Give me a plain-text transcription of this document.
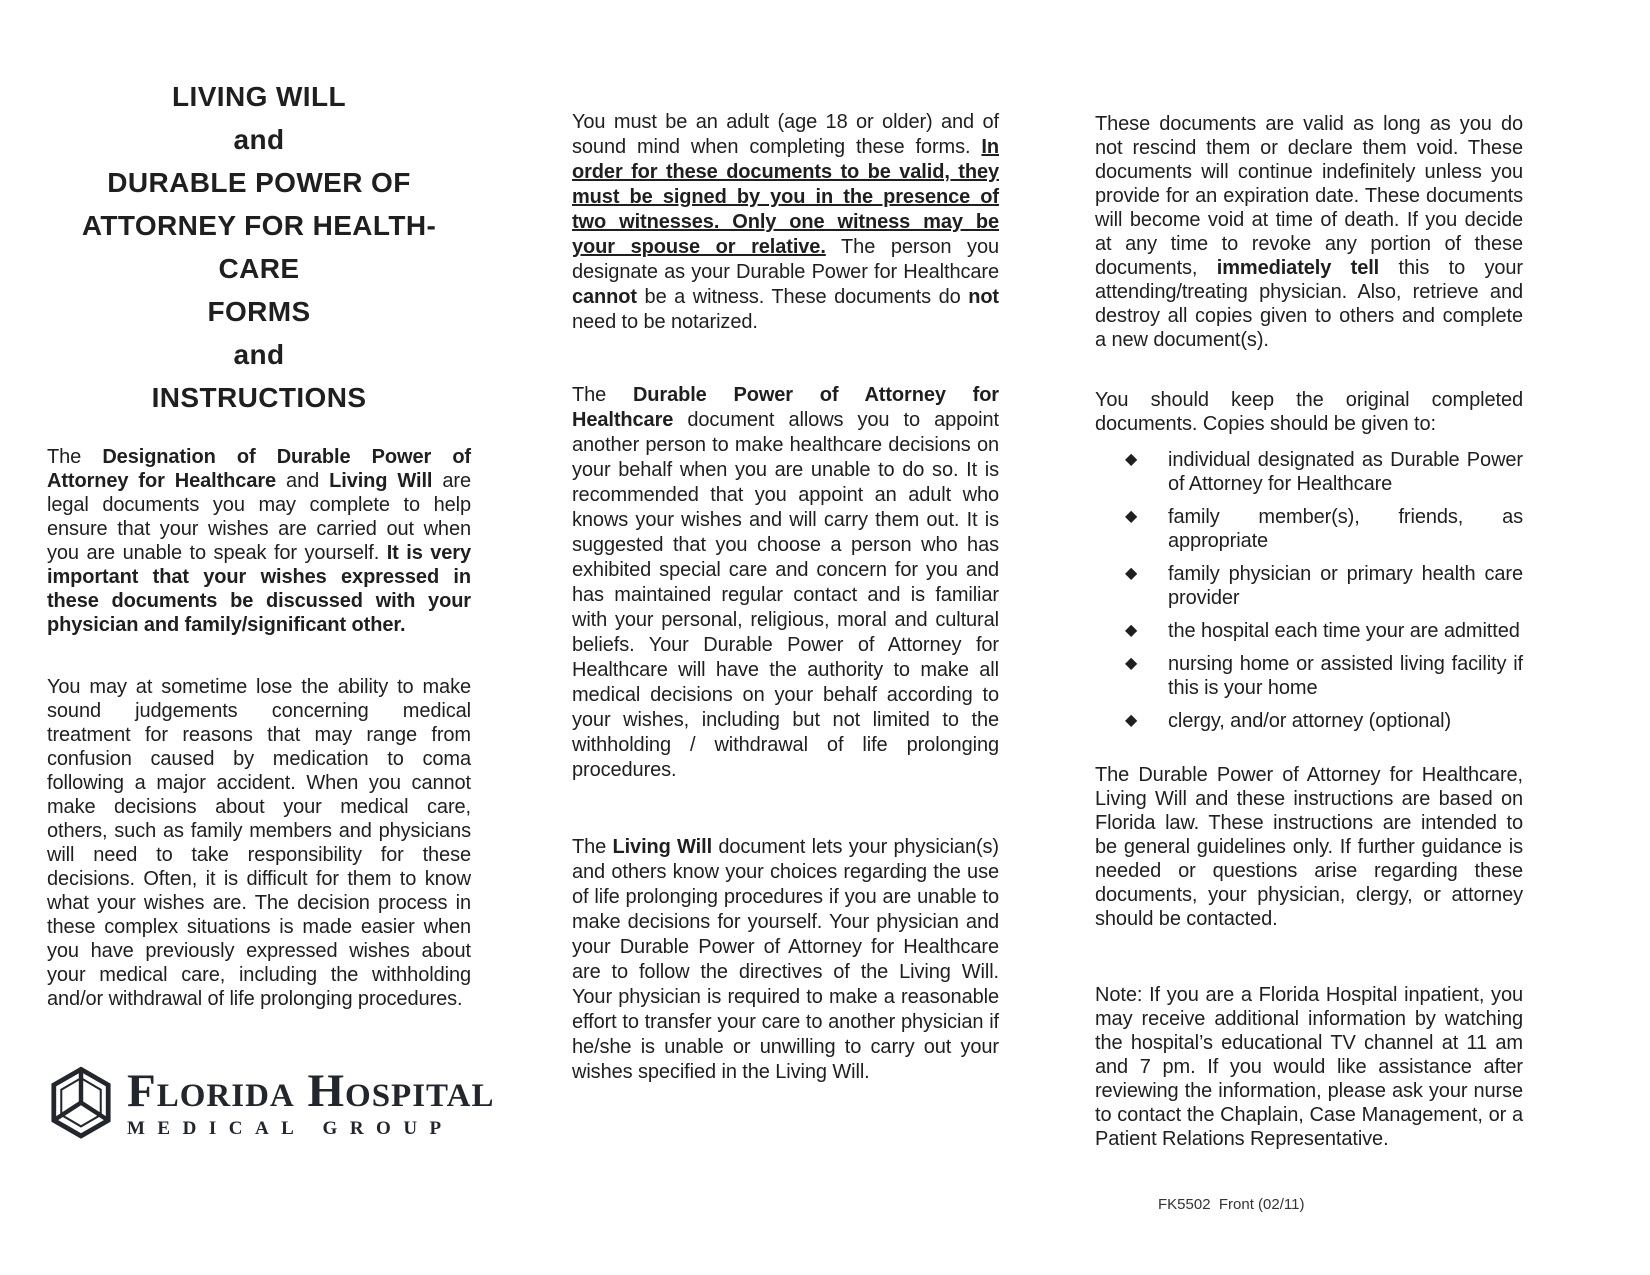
LIVING WILL
and
DURABLE POWER OF
ATTORNEY FOR HEALTH-
CARE
FORMS
and
INSTRUCTIONS

The Designation of Durable Power of Attorney for Healthcare and Living Will are legal documents you may complete to help ensure that your wishes are carried out when you are unable to speak for yourself. It is very important that your wishes expressed in these documents be discussed with your physician and family/significant other.

You may at sometime lose the ability to make sound judgements concerning medical treatment for reasons that may range from confusion caused by medication to coma following a major accident. When you cannot make decisions about your medical care, others, such as family members and physicians will need to take responsibility for these decisions. Often, it is difficult for them to know what your wishes are. The decision process in these complex situations is made easier when you have previously expressed wishes about your medical care, including the withholding and/or withdrawal of life prolonging procedures.

Florida Hospital
MEDICAL GROUP

You must be an adult (age 18 or older) and of sound mind when completing these forms. In order for these documents to be valid, they must be signed by you in the presence of two witnesses. Only one witness may be your spouse or relative. The person you designate as your Durable Power for Healthcare cannot be a witness. These documents do not need to be notarized.

The Durable Power of Attorney for Healthcare document allows you to appoint another person to make healthcare decisions on your behalf when you are unable to do so. It is recommended that you appoint an adult who knows your wishes and will carry them out. It is suggested that you choose a person who has exhibited special care and concern for you and has maintained regular contact and is familiar with your personal, religious, moral and cultural beliefs. Your Durable Power of Attorney for Healthcare will have the authority to make all medical decisions on your behalf according to your wishes, including but not limited to the withholding / withdrawal of life prolonging procedures.

The Living Will document lets your physician(s) and others know your choices regarding the use of life prolonging procedures if you are unable to make decisions for yourself. Your physician and your Durable Power of Attorney for Healthcare are to follow the directives of the Living Will. Your physician is required to make a reasonable effort to transfer your care to another physician if he/she is unable or unwilling to carry out your wishes specified in the Living Will.

These documents are valid as long as you do not rescind them or declare them void. These documents will continue indefinitely unless you provide for an expiration date. These documents will become void at time of death. If you decide at any time to revoke any portion of these documents, immediately tell this to your attending/treating physician. Also, retrieve and destroy all copies given to others and complete a new document(s).

You should keep the original completed documents. Copies should be given to:

◆	individual designated as Durable Power of Attorney for Healthcare
◆	family member(s), friends, as appropriate
◆	family physician or primary health care provider
◆	the hospital each time your are admitted
◆	nursing home or assisted living facility if this is your home
◆	clergy, and/or attorney (optional)

The Durable Power of Attorney for Healthcare, Living Will and these instructions are based on Florida law. These instructions are intended to be general guidelines only. If further guidance is needed or questions arise regarding these documents, your physician, clergy, or attorney should be contacted.

Note: If you are a Florida Hospital inpatient, you may receive additional information by watching the hospital’s educational TV channel at 11 am and 7 pm. If you would like assistance after reviewing the information, please ask your nurse to contact the Chaplain, Case Management, or a Patient Relations Representative.

FK5502  Front (02/11)
